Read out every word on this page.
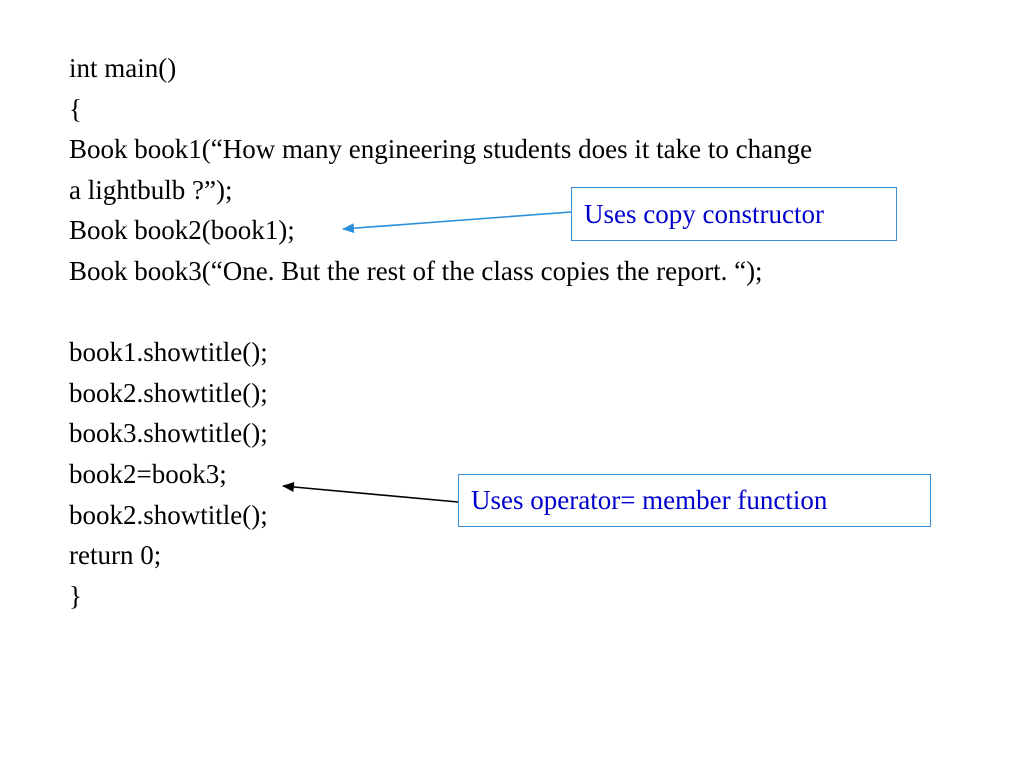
int main()
{
Book book1(“How many engineering students does it take to change
a lightbulb ?”);
Book book2(book1);
Book book3(“One. But the rest of the class copies the report. “);
book1.showtitle();
book2.showtitle();
book3.showtitle();
book2=book3;
book2.showtitle();
return 0;
}
Uses copy constructor
Uses operator= member function
